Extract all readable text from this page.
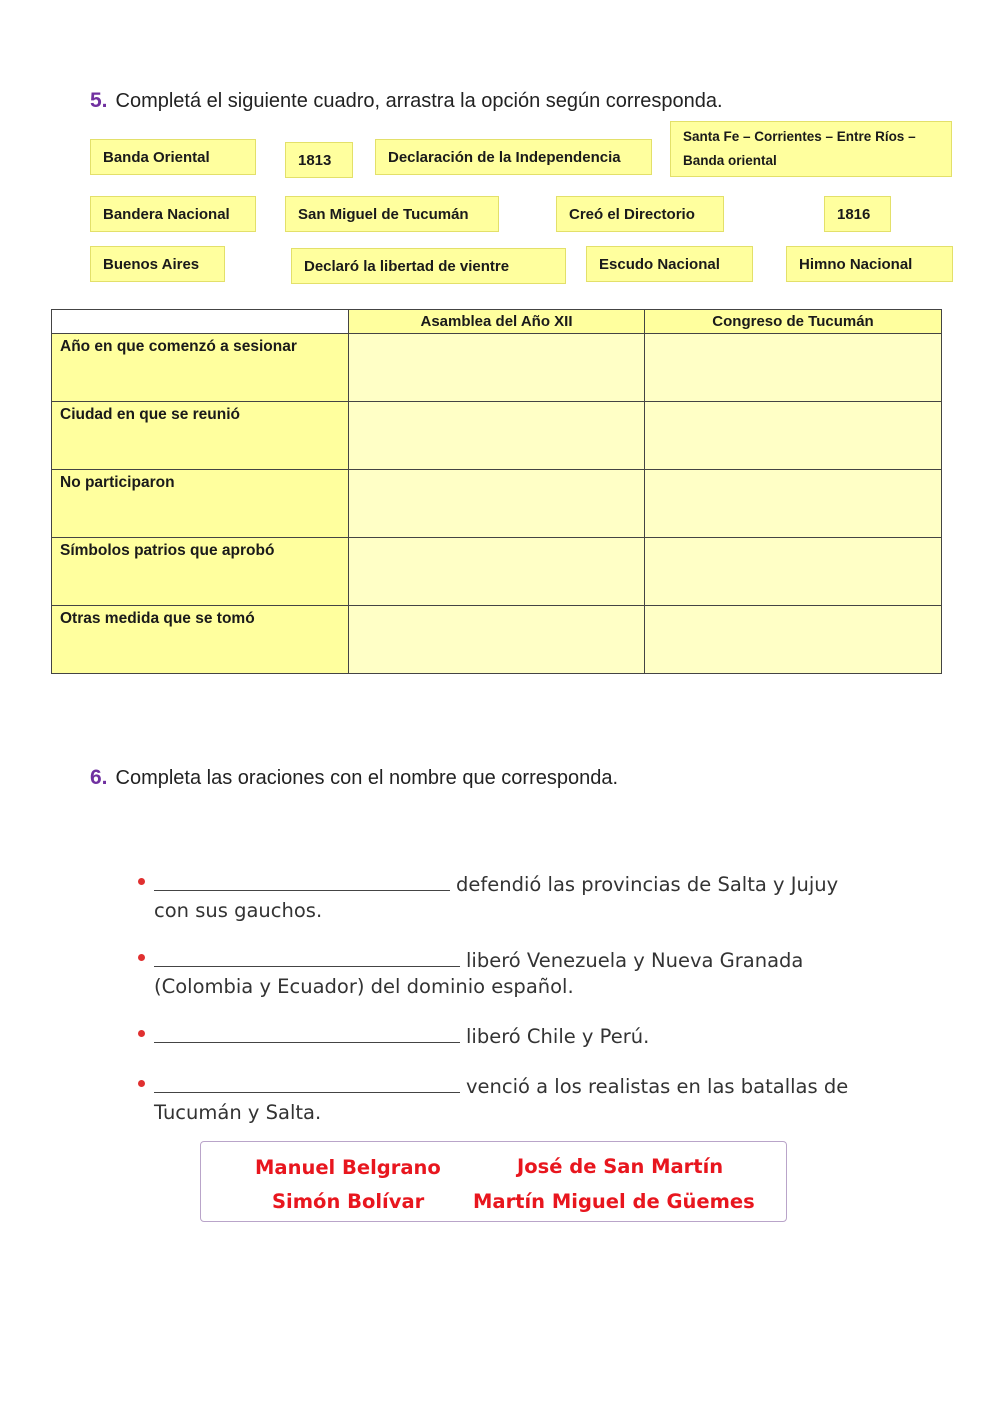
5. Completá el siguiente cuadro, arrastra la opción según corresponda.
Banda Oriental	1813	Declaración de la Independencia
Santa Fe – Corrientes – Entre Ríos – Banda oriental
Bandera Nacional	San Miguel de Tucumán	Creó el Directorio	1816
Buenos Aires	Declaró la libertad de vientre	Escudo Nacional	Himno Nacional
	Asamblea del Año XII	Congreso de Tucumán
Año en que comenzó a sesionar		
Ciudad en que se reunió		
No participaron		
Símbolos patrios que aprobó		
Otras medida que se tomó		
6. Completa las oraciones con el nombre que corresponda.
defendió las provincias de Salta y Jujuy
con sus gauchos.
liberó Venezuela y Nueva Granada
(Colombia y Ecuador) del dominio español.
liberó Chile y Perú.
venció a los realistas en las batallas de
Tucumán y Salta.
Manuel Belgrano	José de San Martín
Simón Bolívar	Martín Miguel de Güemes
